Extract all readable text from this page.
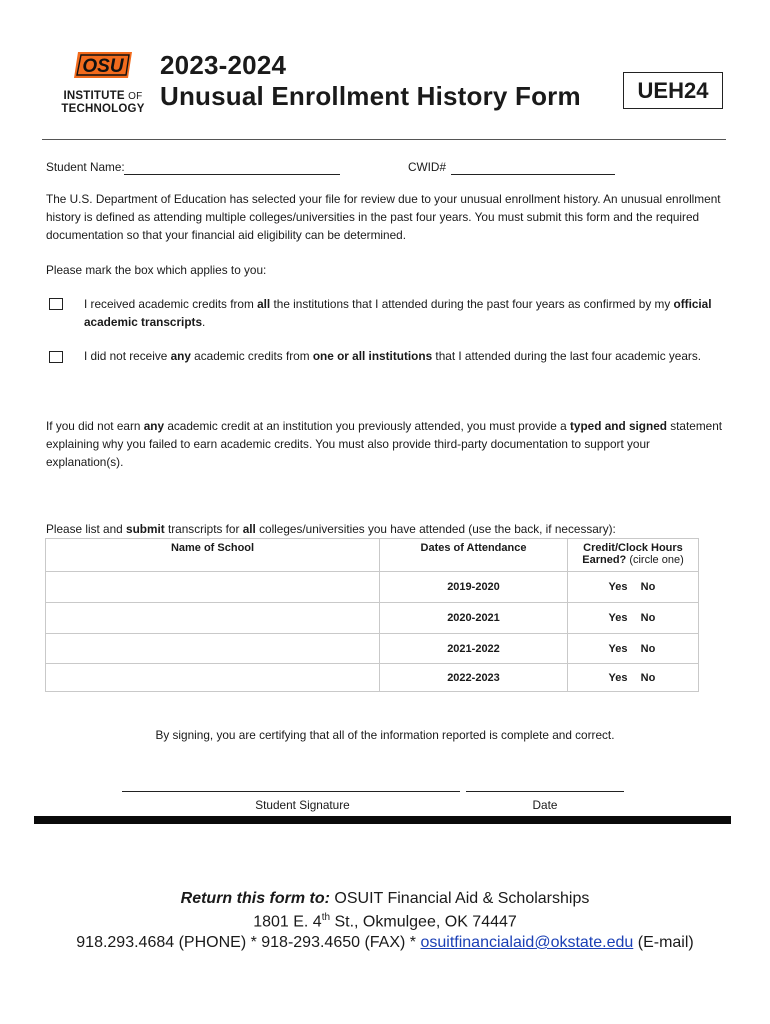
OSU
INSTITUTE OF
TECHNOLOGY
2023-2024
Unusual Enrollment History Form	UEH24
Student Name:	CWID#
The U.S. Department of Education has selected your file for review due to your unusual enrollment history. An unusual enrollment history is defined as attending multiple colleges/universities in the past four years. You must submit this form and the required documentation so that your financial aid eligibility can be determined.
Please mark the box which applies to you:
I received academic credits from all the institutions that I attended during the past four years as confirmed by my official academic transcripts.
I did not receive any academic credits from one or all institutions that I attended during the last four academic years.
If you did not earn any academic credit at an institution you previously attended, you must provide a typed and signed statement explaining why you failed to earn academic credits. You must also provide third-party documentation to support your explanation(s).
Please list and submit transcripts for all colleges/universities you have attended (use the back, if necessary):
Name of School	Dates of Attendance	Credit/Clock Hours
Earned? (circle one)
	2019-2020	Yes No
	2020-2021	Yes No
	2021-2022	Yes No
	2022-2023	Yes No
By signing, you are certifying that all of the information reported is complete and correct.
Student Signature	Date
Return this form to: OSUIT Financial Aid & Scholarships
1801 E. 4th St., Okmulgee, OK 74447
918.293.4684 (PHONE) * 918-293.4650 (FAX) * osuitfinancialaid@okstate.edu (E-mail)
